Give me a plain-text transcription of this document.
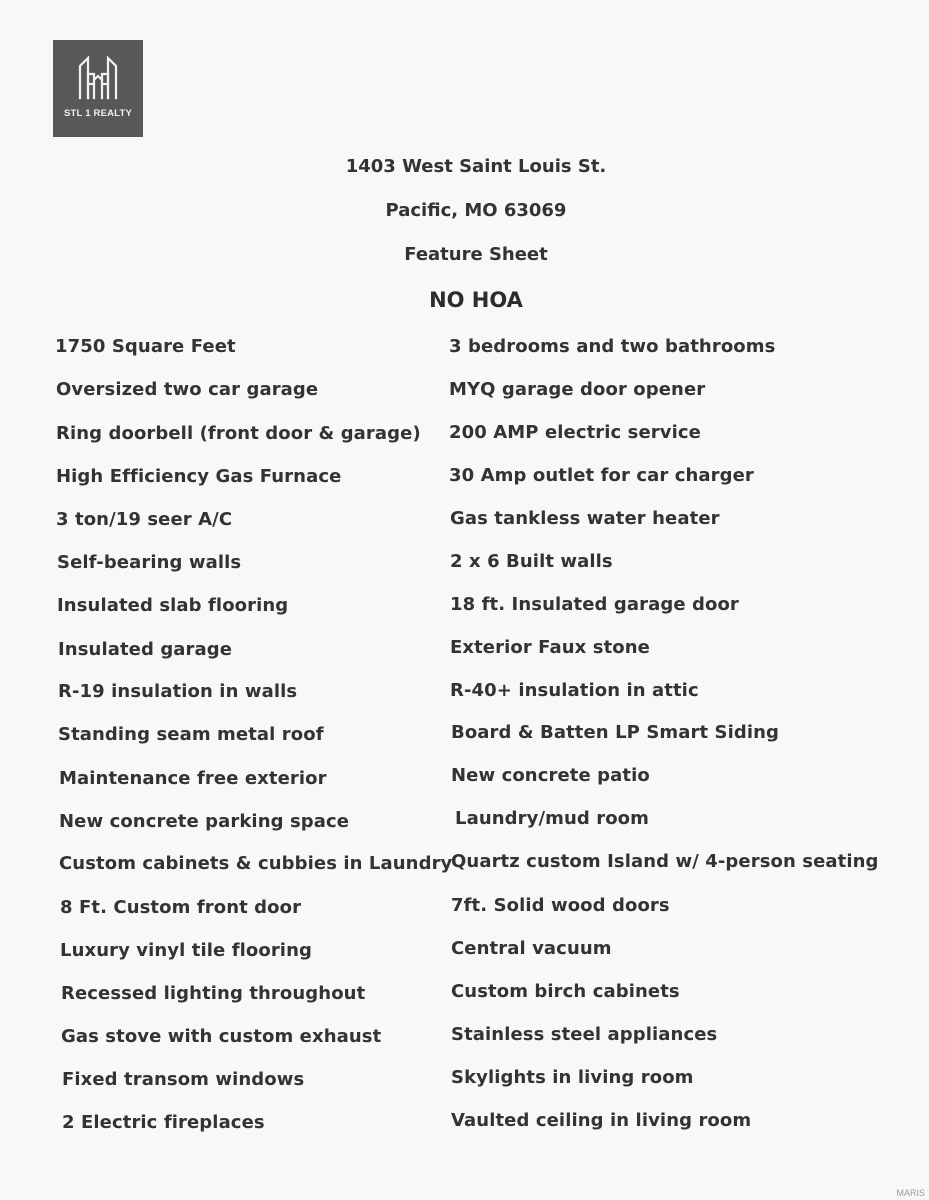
STL 1 REALTY
1403 West Saint Louis St.
Pacific, MO 63069
Feature Sheet
NO HOA
1750 Square Feet
Oversized two car garage
Ring doorbell (front door & garage)
High Efficiency Gas Furnace
3 ton/19 seer A/C
Self-bearing walls
Insulated slab flooring
Insulated garage
R-19 insulation in walls
Standing seam metal roof
Maintenance free exterior
New concrete parking space
Custom cabinets & cubbies in Laundry
8 Ft. Custom front door
Luxury vinyl tile flooring
Recessed lighting throughout
Gas stove with custom exhaust
Fixed transom windows
2 Electric fireplaces
3 bedrooms and two bathrooms
MYQ garage door opener
200 AMP electric service
30 Amp outlet for car charger
Gas tankless water heater
2 x 6 Built walls
18 ft. Insulated garage door
Exterior Faux stone
R-40+ insulation in attic
Board & Batten LP Smart Siding
New concrete patio
Laundry/mud room
Quartz custom Island w/ 4-person seating
7ft. Solid wood doors
Central vacuum
Custom birch cabinets
Stainless steel appliances
Skylights in living room
Vaulted ceiling in living room
MARIS
